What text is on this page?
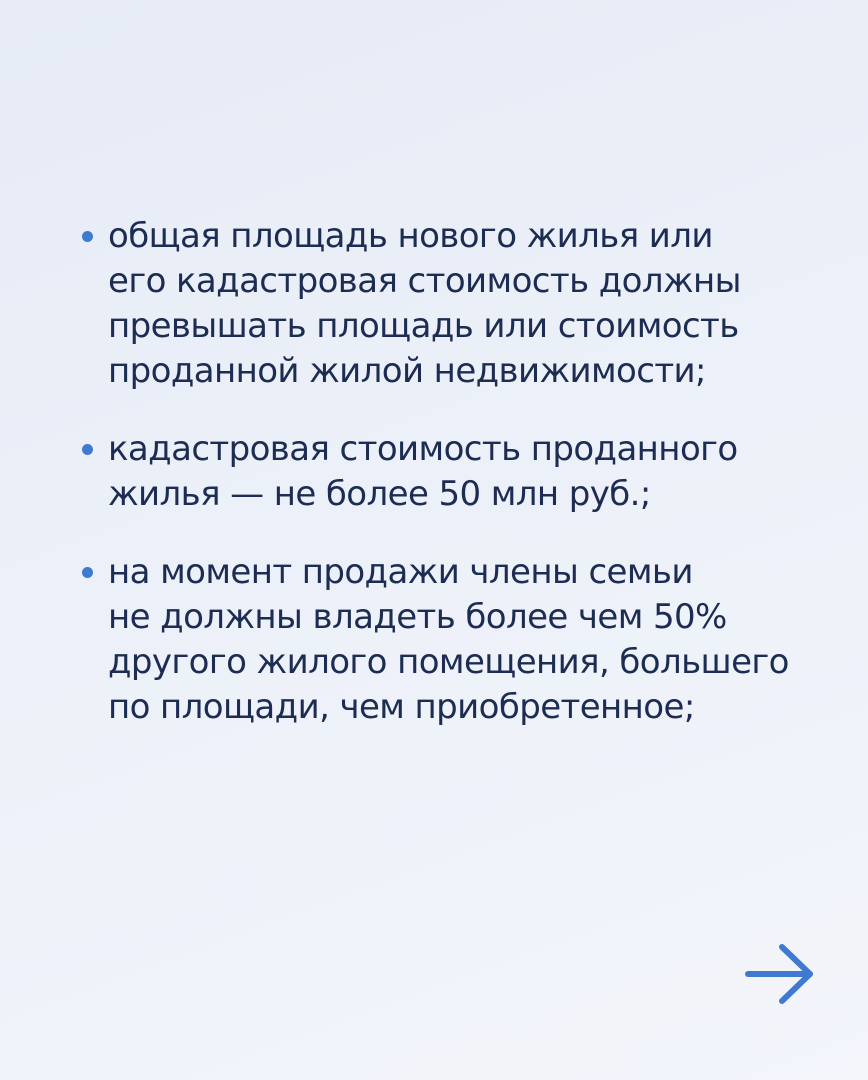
общая площадь нового жилья или
его кадастровая стоимость должны
превышать площадь или стоимость
проданной жилой недвижимости;
кадастровая стоимость проданного
жилья — не более 50 млн руб.;
на момент продажи члены семьи
не должны владеть более чем 50%
другого жилого помещения, большего
по площади, чем приобретенное;
